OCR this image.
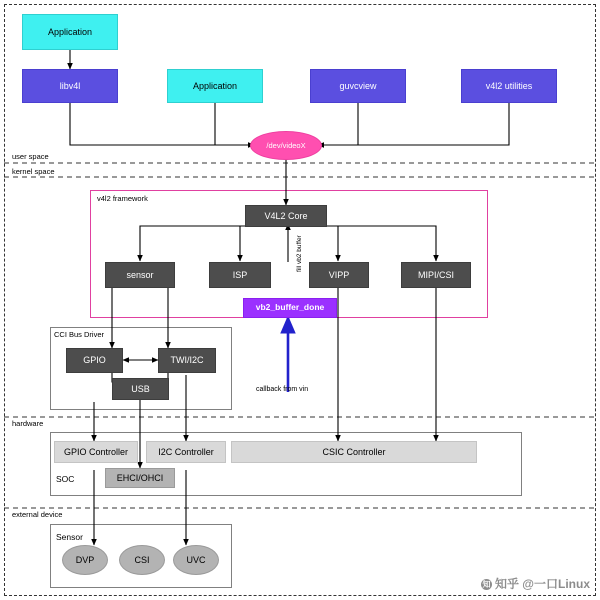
user space
kernel space
hardware
external device
v4l2 framework
CCI Bus Driver
SOC
Sensor
fill vb2 buffer
callback from vin
Application
libv4l	Application	guvcview	v4l2 utilities
/dev/videoX
V4L2 Core
sensor	ISP	VIPP	MIPI/CSI
vb2_buffer_done
GPIO	TWI/I2C
USB
GPIO Controller	I2C Controller	CSIC Controller
EHCI/OHCI
DVP	CSI	UVC
知 知乎 @一口Linux
